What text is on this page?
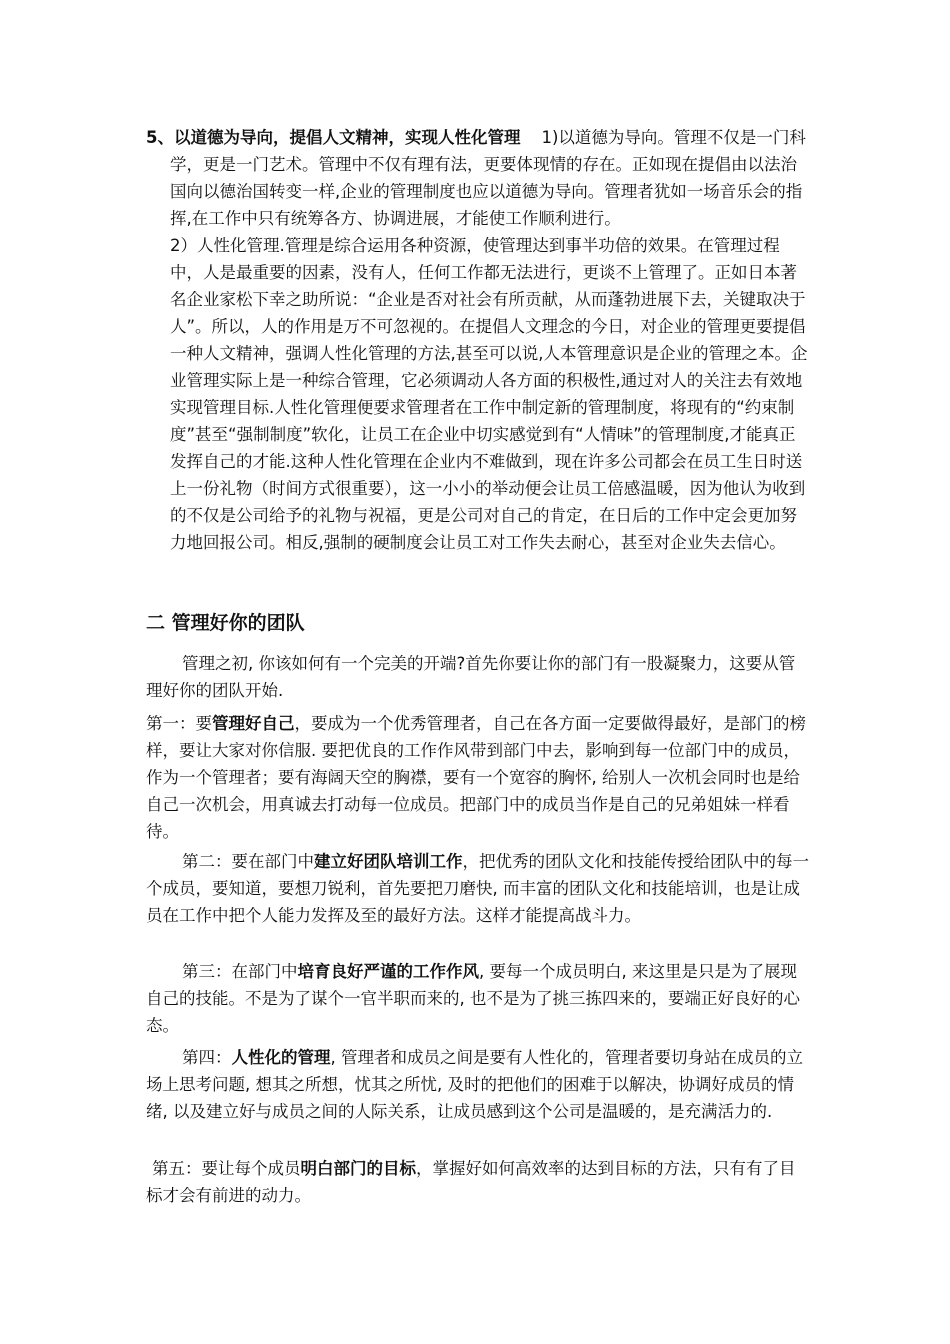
5、以道德为导向，提倡人文精神，实现人性化管理 1)以道德为导向。管理不仅是一门科学，更是一门艺术。管理中不仅有理有法，更要体现情的存在。正如现在提倡由以法治国向以德治国转变一样,企业的管理制度也应以道德为导向。管理者犹如一场音乐会的指挥,在工作中只有统筹各方、协调进展，才能使工作顺利进行。

2）人性化管理.管理是综合运用各种资源，使管理达到事半功倍的效果。在管理过程中，人是最重要的因素，没有人，任何工作都无法进行，更谈不上管理了。正如日本著名企业家松下幸之助所说：“企业是否对社会有所贡献，从而蓬勃进展下去，关键取决于人”。所以，人的作用是万不可忽视的。在提倡人文理念的今日，对企业的管理更要提倡一种人文精神，强调人性化管理的方法,甚至可以说,人本管理意识是企业的管理之本。企业管理实际上是一种综合管理，它必须调动人各方面的积极性,通过对人的关注去有效地实现管理目标.人性化管理便要求管理者在工作中制定新的管理制度，将现有的“约束制度”甚至“强制制度”软化，让员工在企业中切实感觉到有“人情味”的管理制度,才能真正发挥自己的才能.这种人性化管理在企业内不难做到，现在许多公司都会在员工生日时送上一份礼物（时间方式很重要），这一小小的举动便会让员工倍感温暖，因为他认为收到的不仅是公司给予的礼物与祝福，更是公司对自己的肯定，在日后的工作中定会更加努力地回报公司。相反,强制的硬制度会让员工对工作失去耐心，甚至对企业失去信心。

二 管理好你的团队

管理之初, 你该如何有一个完美的开端?首先你要让你的部门有一股凝聚力，这要从管理好你的团队开始.

第一：要管理好自己，要成为一个优秀管理者，自己在各方面一定要做得最好，是部门的榜样，要让大家对你信服. 要把优良的工作作风带到部门中去，影响到每一位部门中的成员，作为一个管理者；要有海阔天空的胸襟，要有一个宽容的胸怀, 给别人一次机会同时也是给自己一次机会，用真诚去打动每一位成员。把部门中的成员当作是自己的兄弟姐妹一样看待。

第二：要在部门中建立好团队培训工作，把优秀的团队文化和技能传授给团队中的每一个成员，要知道，要想刀锐利，首先要把刀磨快, 而丰富的团队文化和技能培训，也是让成员在工作中把个人能力发挥及至的最好方法。这样才能提高战斗力。

第三：在部门中培育良好严谨的工作作风, 要每一个成员明白, 来这里是只是为了展现自己的技能。不是为了谋个一官半职而来的, 也不是为了挑三拣四来的，要端正好良好的心态。

第四：人性化的管理, 管理者和成员之间是要有人性化的，管理者要切身站在成员的立场上思考问题, 想其之所想，忧其之所忧, 及时的把他们的困难于以解决，协调好成员的情绪, 以及建立好与成员之间的人际关系，让成员感到这个公司是温暖的，是充满活力的.

第五：要让每个成员明白部门的目标，掌握好如何高效率的达到目标的方法，只有有了目标才会有前进的动力。
